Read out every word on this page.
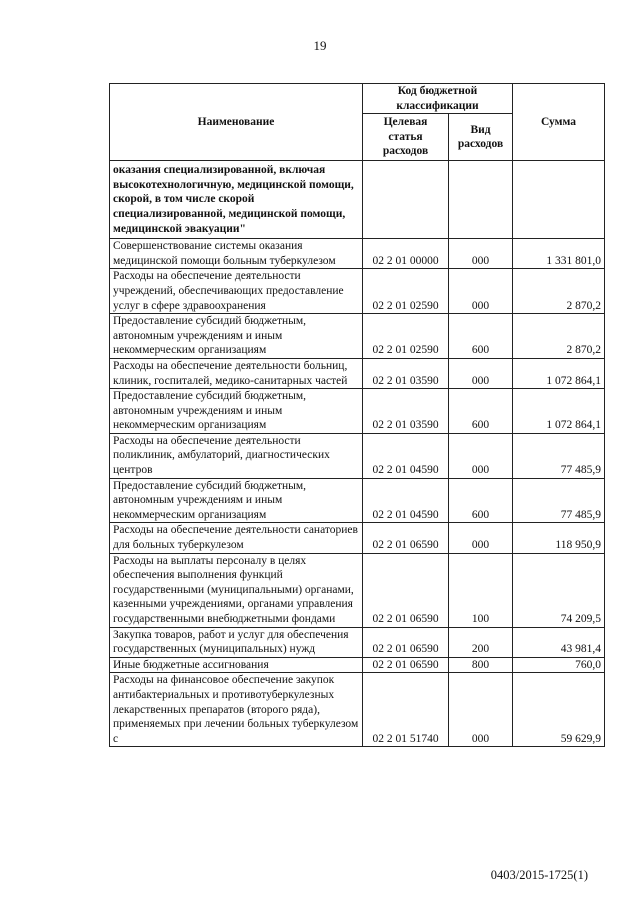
19
Наименование	Код бюджетной классификации		Сумма
	Целевая статья расходов	Вид расходов	
оказания специализированной, включая высокотехнологичную, медицинской помощи, скорой, в том числе скорой специализированной, медицинской помощи, медицинской эвакуации"			
Совершенствование системы оказания медицинской помощи больным туберкулезом	02 2 01 00000	000	1 331 801,0
Расходы на обеспечение деятельности учреждений, обеспечивающих предоставление услуг в сфере здравоохранения	02 2 01 02590	000	2 870,2
Предоставление субсидий бюджетным, автономным учреждениям и иным некоммерческим организациям	02 2 01 02590	600	2 870,2
Расходы на обеспечение деятельности больниц, клиник, госпиталей, медико-санитарных частей	02 2 01 03590	000	1 072 864,1
Предоставление субсидий бюджетным, автономным учреждениям и иным некоммерческим организациям	02 2 01 03590	600	1 072 864,1
Расходы на обеспечение деятельности поликлиник, амбулаторий, диагностических центров	02 2 01 04590	000	77 485,9
Предоставление субсидий бюджетным, автономным учреждениям и иным некоммерческим организациям	02 2 01 04590	600	77 485,9
Расходы на обеспечение деятельности санаториев для больных туберкулезом	02 2 01 06590	000	118 950,9
Расходы на выплаты персоналу в целях обеспечения выполнения функций государственными (муниципальными) органами, казенными учреждениями, органами управления государственными внебюджетными фондами	02 2 01 06590	100	74 209,5
Закупка товаров, работ и услуг для обеспечения государственных (муниципальных) нужд	02 2 01 06590	200	43 981,4
Иные бюджетные ассигнования	02 2 01 06590	800	760,0
Расходы на финансовое обеспечение закупок антибактериальных и противотуберкулезных лекарственных препаратов (второго ряда), применяемых при лечении больных туберкулезом с	02 2 01 51740	000	59 629,9
0403/2015-1725(1)
